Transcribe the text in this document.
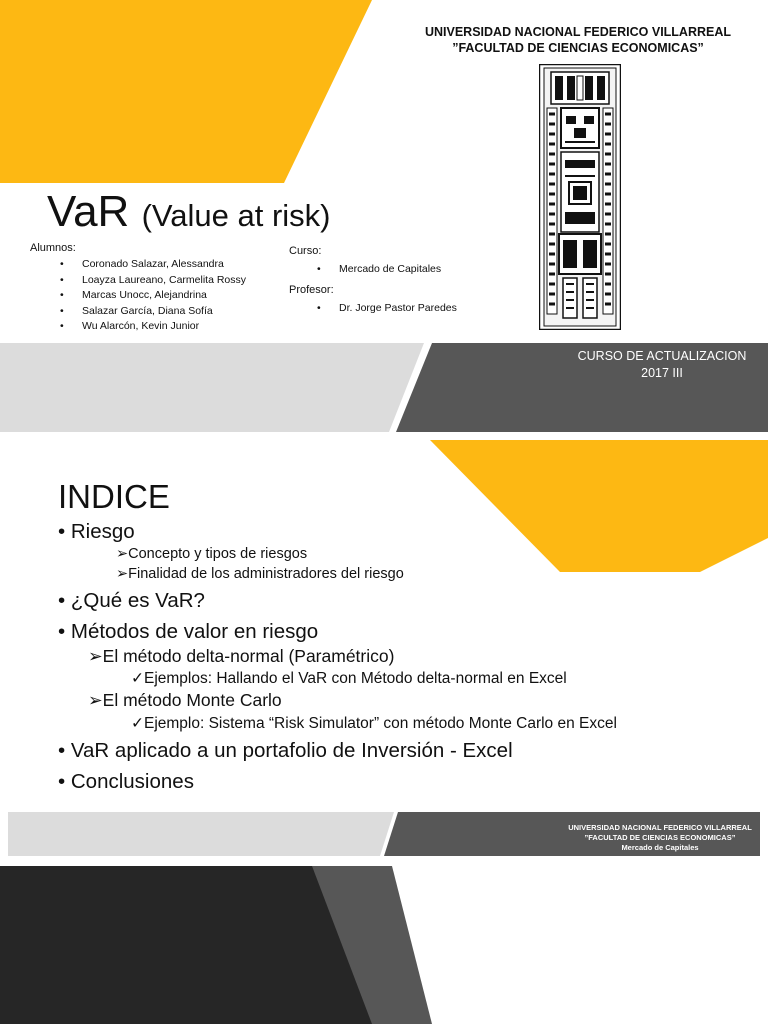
UNIVERSIDAD NACIONAL FEDERICO VILLARREAL
”FACULTAD DE CIENCIAS ECONOMICAS”
VaR (Value at risk)
Alumnos:
• Coronado Salazar, Alessandra
• Loayza Laureano, Carmelita Rossy
• Marcas Unocc, Alejandrina
• Salazar García, Diana Sofía
• Wu Alarcón, Kevin Junior
Curso:
• Mercado de Capitales
Profesor:
• Dr. Jorge Pastor Paredes
CURSO DE ACTUALIZACION
2017 III
INDICE
• Riesgo
➢Concepto y tipos de riesgos
➢Finalidad de los administradores del riesgo
• ¿Qué es VaR?
• Métodos de valor en riesgo
➢El método delta-normal (Paramétrico)
✓Ejemplos: Hallando el VaR con Método delta-normal en Excel
➢El método Monte Carlo
✓Ejemplo: Sistema “Risk Simulator” con método Monte Carlo en Excel
• VaR aplicado a un portafolio de Inversión - Excel
• Conclusiones
UNIVERSIDAD NACIONAL FEDERICO VILLARREAL
”FACULTAD DE CIENCIAS ECONOMICAS”
Mercado de Capitales
